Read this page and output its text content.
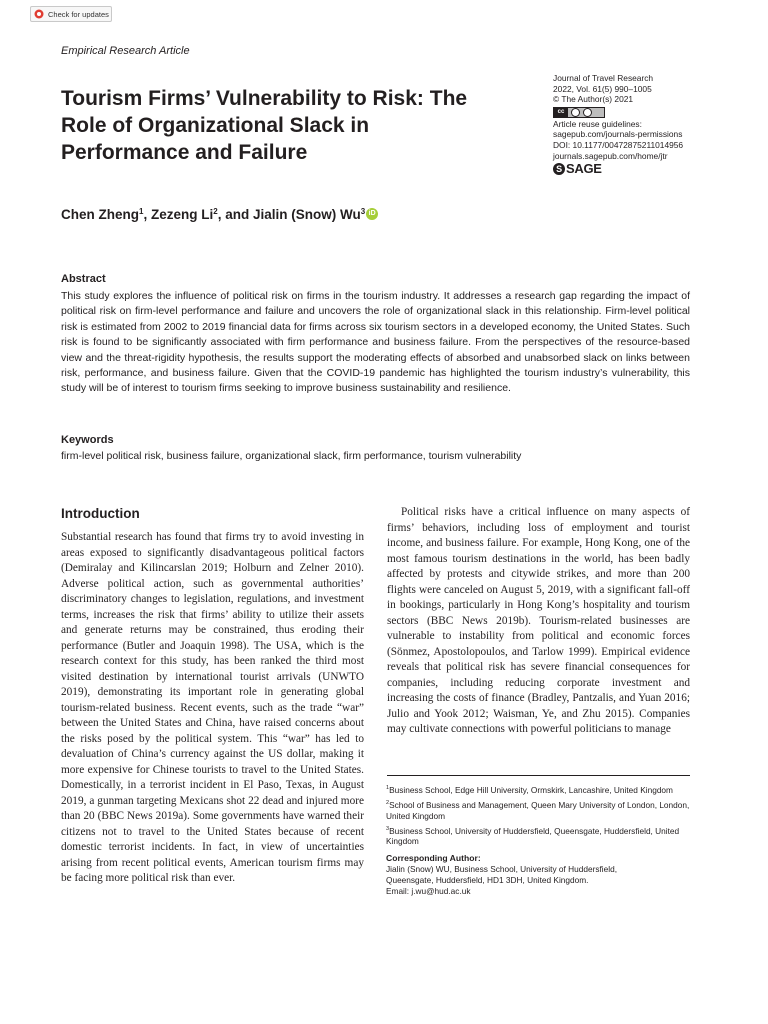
Check for updates
Empirical Research Article
Tourism Firms’ Vulnerability to Risk: The Role of Organizational Slack in Performance and Failure
Journal of Travel Research
2022, Vol. 61(5) 990–1005
© The Author(s) 2021
cc
Article reuse guidelines:
sagepub.com/journals-permissions
DOI: 10.1177/00472875211014956
journals.sagepub.com/home/jtr
S SAGE
Chen Zheng$^1$ , Zezeng Li$^2$ , and Jialin (Snow) Wu$^3$ iD
Abstract

This study explores the influence of political risk on firms in the tourism industry. It addresses a research gap regarding the impact of political risk on firm-level performance and failure and uncovers the role of organizational slack in this relationship. Firm-level political risk is estimated from 2002 to 2019 financial data for firms across six tourism sectors in a developed economy, the United States. Such risk is found to be significantly associated with firm performance and business failure. From the perspectives of the resource-based view and the threat-rigidity hypothesis, the results support the moderating effects of absorbed and unabsorbed slack on links between risk, performance, and business failure. Given that the COVID-19 pandemic has highlighted the tourism industry’s vulnerability, this study will be of interest to tourism firms seeking to improve business sustainability and resilience.

Keywords
firm-level political risk, business failure, organizational slack, firm performance, tourism vulnerability
Introduction

Substantial research has found that firms try to avoid investing in areas exposed to significantly disadvantageous political factors (Demiralay and Kilincarslan 2019; Holburn and Zelner 2010). Adverse political action, such as governmental authorities’ discriminatory changes to legislation, regulations, and investment terms, increases the risk that firms’ ability to utilize their assets and generate returns may be constrained, thus eroding their performance (Butler and Joaquin 1998). The USA, which is the research context for this study, has been ranked the third most visited destination by international tourist arrivals (UNWTO 2019), demonstrating its important role in generating global tourism-related business. Recent events, such as the trade “war” between the United States and China, have raised concerns about the risks posed by the political system. This “war” has led to devaluation of China’s currency against the US dollar, making it more expensive for Chinese tourists to travel to the United States. Domestically, in a terrorist incident in El Paso, Texas, in August 2019, a gunman targeting Mexicans shot 22 dead and injured more than 20 (BBC News 2019a). Some governments have warned their citizens not to travel to the United States because of recent domestic terrorist incidents. In fact, in view of uncertainties arising from recent political events, American tourism firms may be facing more political risk than ever.

Political risks have a critical influence on many aspects of firms’ behaviors, including loss of employment and tourist income, and business failure. For example, Hong Kong, one of the most famous tourism destinations in the world, has been badly affected by protests and citywide strikes, and more than 200 flights were canceled on August 5, 2019, with a significant fall-off in bookings, particularly in Hong Kong’s hospitality and tourism sectors (BBC News 2019b). Tourism-related businesses are vulnerable to instability from political and economic forces (Sönmez, Apostolopoulos, and Tarlow 1999). Empirical evidence reveals that political risk has severe financial consequences for companies, including reducing corporate investment and increasing the costs of finance (Bradley, Pantzalis, and Yuan 2016; Julio and Yook 2012; Waisman, Ye, and Zhu 2015). Companies may cultivate connections with powerful politicians to manage

$^1$Business School, Edge Hill University, Ormskirk, Lancashire, United Kingdom
$^2$School of Business and Management, Queen Mary University of London, London, United Kingdom
$^3$Business School, University of Huddersfield, Queensgate, Huddersfield, United Kingdom
Corresponding Author:
Jialin (Snow) WU, Business School, University of Huddersfield,
Queensgate, Huddersfield, HD1 3DH, United Kingdom.
Email: j.wu@hud.ac.uk
